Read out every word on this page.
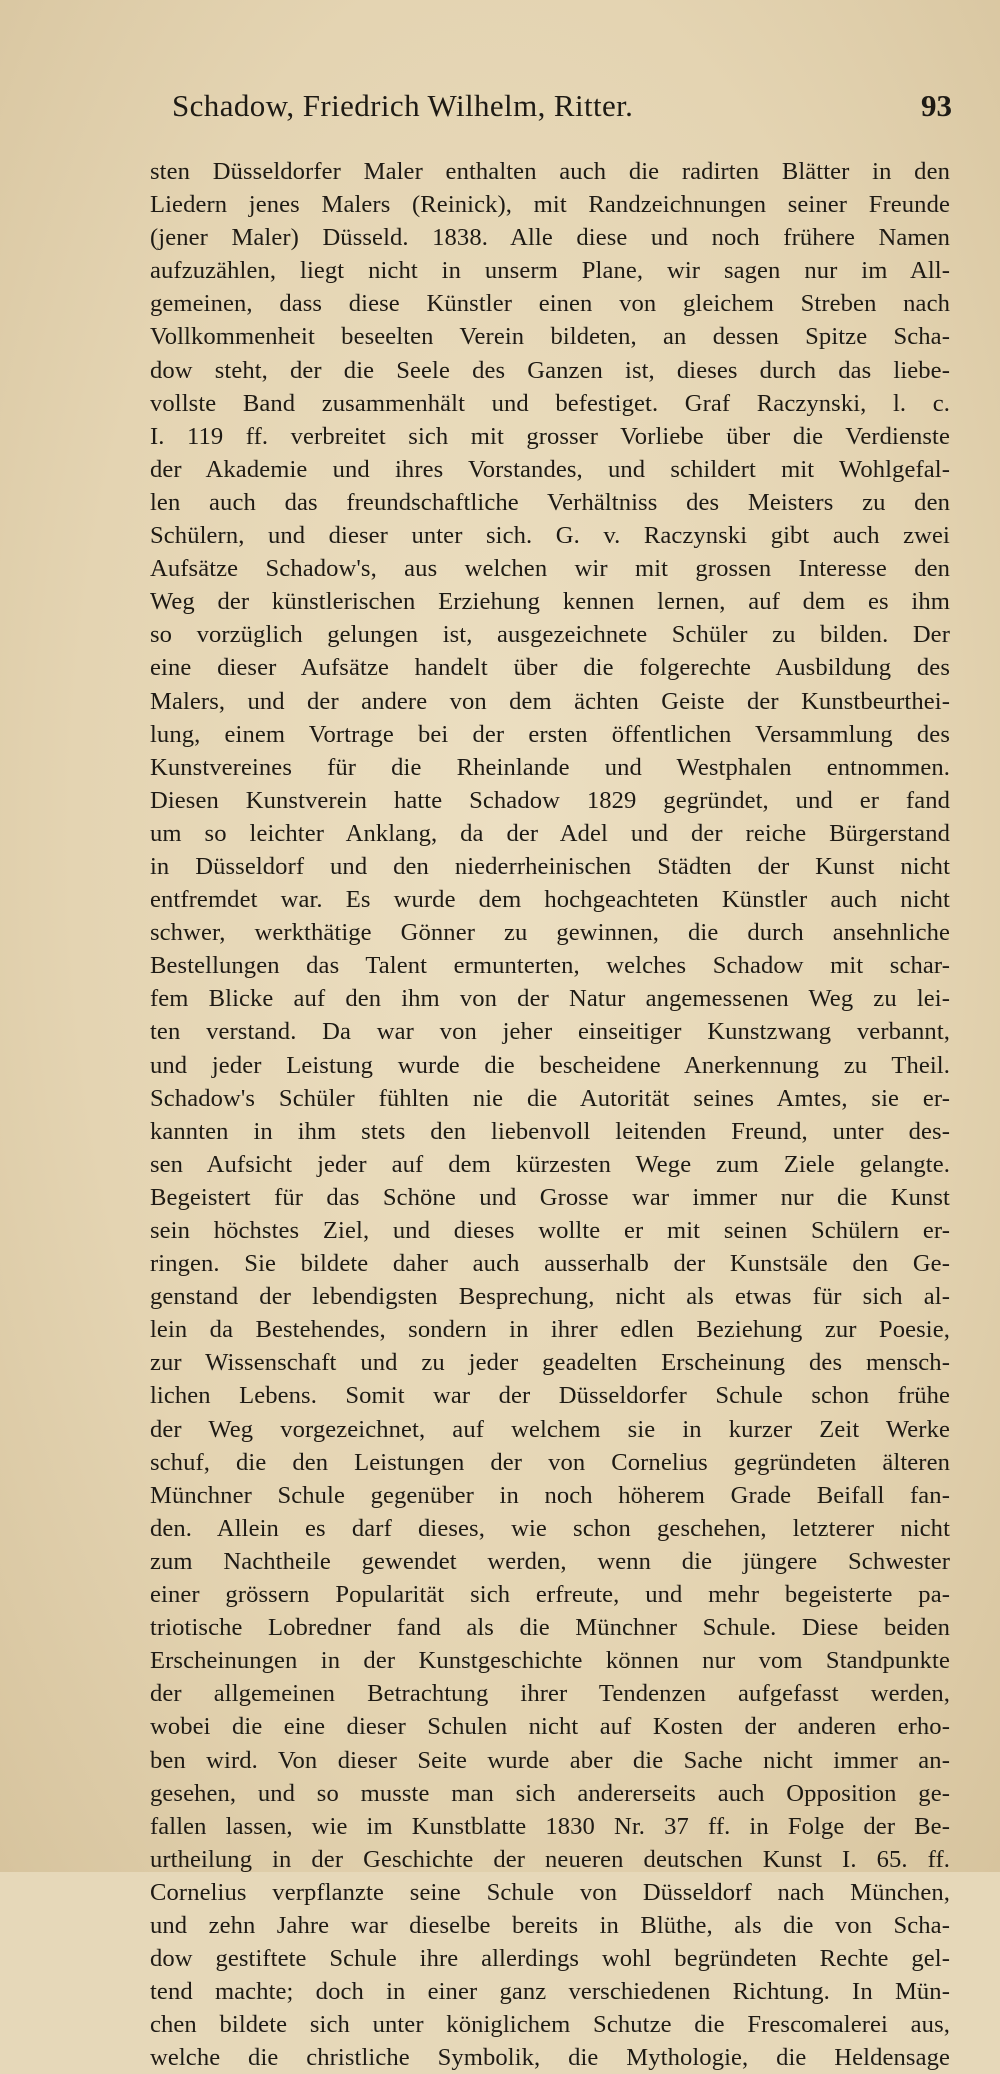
Schadow, Friedrich Wilhelm, Ritter.	93
sten Düsseldorfer Maler enthalten auch die radirten Blätter in den
Liedern jenes Malers (Reinick), mit Randzeichnungen seiner Freunde
(jener Maler) Düsseld. 1838. Alle diese und noch frühere Namen
aufzuzählen, liegt nicht in unserm Plane, wir sagen nur im All-
gemeinen, dass diese Künstler einen von gleichem Streben nach
Vollkommenheit beseelten Verein bildeten, an dessen Spitze Scha-
dow steht, der die Seele des Ganzen ist, dieses durch das liebe-
vollste Band zusammenhält und befestiget. Graf Raczynski, l. c.
I. 119 ff. verbreitet sich mit grosser Vorliebe über die Verdienste
der Akademie und ihres Vorstandes, und schildert mit Wohlgefal-
len auch das freundschaftliche Verhältniss des Meisters zu den
Schülern, und dieser unter sich. G. v. Raczynski gibt auch zwei
Aufsätze Schadow's, aus welchen wir mit grossen Interesse den
Weg der künstlerischen Erziehung kennen lernen, auf dem es ihm
so vorzüglich gelungen ist, ausgezeichnete Schüler zu bilden. Der
eine dieser Aufsätze handelt über die folgerechte Ausbildung des
Malers, und der andere von dem ächten Geiste der Kunstbeurthei-
lung, einem Vortrage bei der ersten öffentlichen Versammlung des
Kunstvereines für die Rheinlande und Westphalen entnommen.
Diesen Kunstverein hatte Schadow 1829 gegründet, und er fand
um so leichter Anklang, da der Adel und der reiche Bürgerstand
in Düsseldorf und den niederrheinischen Städten der Kunst nicht
entfremdet war. Es wurde dem hochgeachteten Künstler auch nicht
schwer, werkthätige Gönner zu gewinnen, die durch ansehnliche
Bestellungen das Talent ermunterten, welches Schadow mit schar-
fem Blicke auf den ihm von der Natur angemessenen Weg zu lei-
ten verstand. Da war von jeher einseitiger Kunstzwang verbannt,
und jeder Leistung wurde die bescheidene Anerkennung zu Theil.
Schadow's Schüler fühlten nie die Autorität seines Amtes, sie er-
kannten in ihm stets den liebenvoll leitenden Freund, unter des-
sen Aufsicht jeder auf dem kürzesten Wege zum Ziele gelangte.
Begeistert für das Schöne und Grosse war immer nur die Kunst
sein höchstes Ziel, und dieses wollte er mit seinen Schülern er-
ringen. Sie bildete daher auch ausserhalb der Kunstsäle den Ge-
genstand der lebendigsten Besprechung, nicht als etwas für sich al-
lein da Bestehendes, sondern in ihrer edlen Beziehung zur Poesie,
zur Wissenschaft und zu jeder geadelten Erscheinung des mensch-
lichen Lebens. Somit war der Düsseldorfer Schule schon frühe
der Weg vorgezeichnet, auf welchem sie in kurzer Zeit Werke
schuf, die den Leistungen der von Cornelius gegründeten älteren
Münchner Schule gegenüber in noch höherem Grade Beifall fan-
den. Allein es darf dieses, wie schon geschehen, letzterer nicht
zum Nachtheile gewendet werden, wenn die jüngere Schwester
einer grössern Popularität sich erfreute, und mehr begeisterte pa-
triotische Lobredner fand als die Münchner Schule. Diese beiden
Erscheinungen in der Kunstgeschichte können nur vom Standpunkte
der allgemeinen Betrachtung ihrer Tendenzen aufgefasst werden,
wobei die eine dieser Schulen nicht auf Kosten der anderen erho-
ben wird. Von dieser Seite wurde aber die Sache nicht immer an-
gesehen, und so musste man sich andererseits auch Opposition ge-
fallen lassen, wie im Kunstblatte 1830 Nr. 37 ff. in Folge der Be-
urtheilung in der Geschichte der neueren deutschen Kunst I. 65. ff.
Cornelius verpflanzte seine Schule von Düsseldorf nach München,
und zehn Jahre war dieselbe bereits in Blüthe, als die von Scha-
dow gestiftete Schule ihre allerdings wohl begründeten Rechte gel-
tend machte; doch in einer ganz verschiedenen Richtung. In Mün-
chen bildete sich unter königlichem Schutze die Frescomalerei aus,
welche die christliche Symbolik, die Mythologie, die Heldensage
